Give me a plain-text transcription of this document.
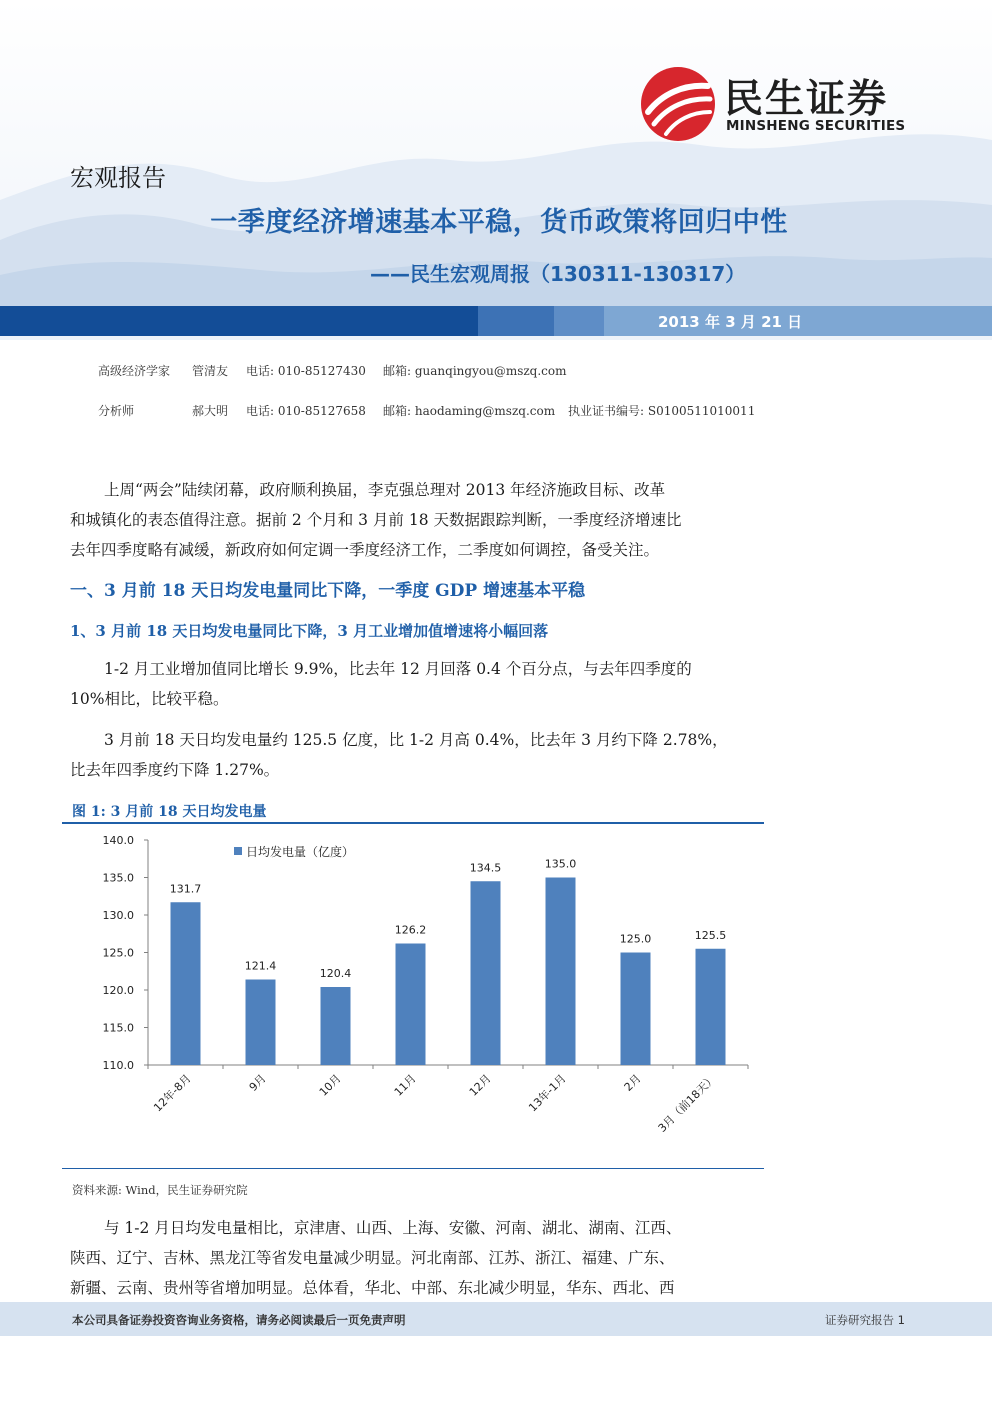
民生证券
MINSHENG SECURITIES
宏观报告
一季度经济增速基本平稳，货币政策将回归中性
——民生宏观周报（130311-130317）
2013 年 3 月 21 日
高级经济学家 管清友 电话: 010-85127430 邮箱: guanqingyou@mszq.com
分析师	郝大明 电话: 010-85127658 邮箱: haodaming@mszq.com 执业证书编号: S0100511010011
上周“两会”陆续闭幕，政府顺利换届，李克强总理对 2013 年经济施政目标、改革
和城镇化的表态值得注意。据前 2 个月和 3 月前 18 天数据跟踪判断，一季度经济增速比
去年四季度略有减缓，新政府如何定调一季度经济工作，二季度如何调控，备受关注。
一、3 月前 18 天日均发电量同比下降，一季度 GDP 增速基本平稳
1、3 月前 18 天日均发电量同比下降，3 月工业增加值增速将小幅回落
1-2 月工业增加值同比增长 9.9%，比去年 12 月回落 0.4 个百分点，与去年四季度的
10%相比，比较平稳。
3 月前 18 天日均发电量约 125.5 亿度，比 1-2 月高 0.4%，比去年 3 月约下降 2.78%，
比去年四季度约下降 1.27%。
图 1: 3 月前 18 天日均发电量
110.0
115.0
120.0
125.0
130.0
135.0
140.0
131.7
12年-8月
121.4
9月
120.4
10月
126.2
11月
134.5
12月
135.0
13年-1月
125.0
2月
125.5
3月（前18天）
日均发电量（亿度）
资料来源: Wind，民生证券研究院
与 1-2 月日均发电量相比，京津唐、山西、上海、安徽、河南、湖北、湖南、江西、
陕西、辽宁、吉林、黑龙江等省发电量减少明显。河北南部、江苏、浙江、福建、广东、
新疆、云南、贵州等省增加明显。总体看，华北、中部、东北减少明显，华东、西北、西
本公司具备证券投资咨询业务资格，请务必阅读最后一页免责声明	证券研究报告 1
